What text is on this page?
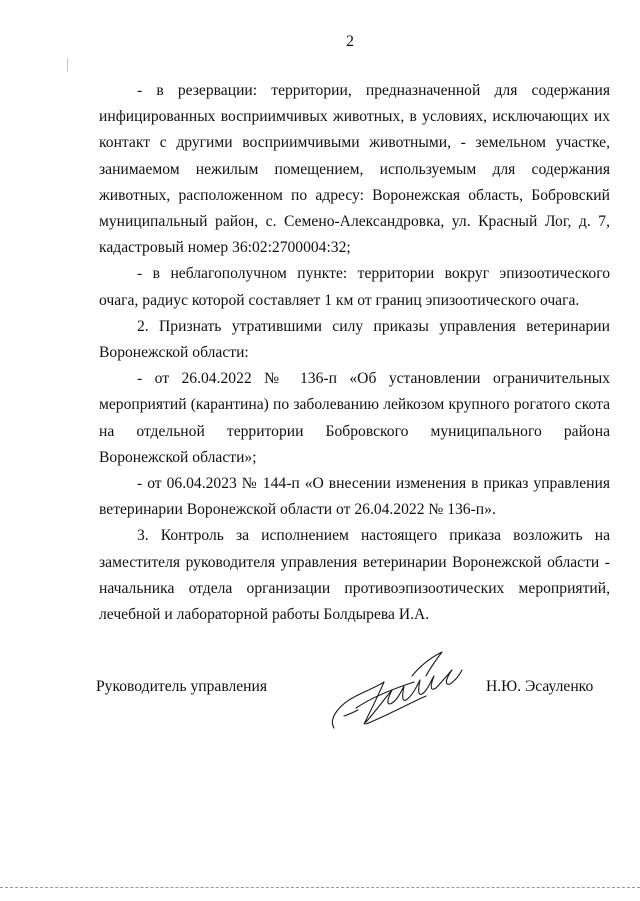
2

- в резервации: территории, предназначенной для содержания инфицированных восприимчивых животных, в условиях, исключающих их контакт с другими восприимчивыми животными, - земельном участке, занимаемом нежилым помещением, используемым для содержания животных, расположенном по адресу: Воронежская область, Бобровский муниципальный район, с. Семено-Александровка, ул. Красный Лог, д. 7, кадастровый номер 36:02:2700004:32;

- в неблагополучном пункте: территории вокруг эпизоотического очага, радиус которой составляет 1 км от границ эпизоотического очага.

2. Признать утратившими силу приказы управления ветеринарии Воронежской области:

- от 26.04.2022 № 136-п «Об установлении ограничительных мероприятий (карантина) по заболеванию лейкозом крупного рогатого скота на отдельной территории Бобровского муниципального района Воронежской области»;

- от 06.04.2023 № 144-п «О внесении изменения в приказ управления ветеринарии Воронежской области от 26.04.2022 № 136-п».

3. Контроль за исполнением настоящего приказа возложить на заместителя руководителя управления ветеринарии Воронежской области - начальника отдела организации противоэпизоотических мероприятий, лечебной и лабораторной работы Болдырева И.А.

Руководитель управления	Н.Ю. Эсауленко
